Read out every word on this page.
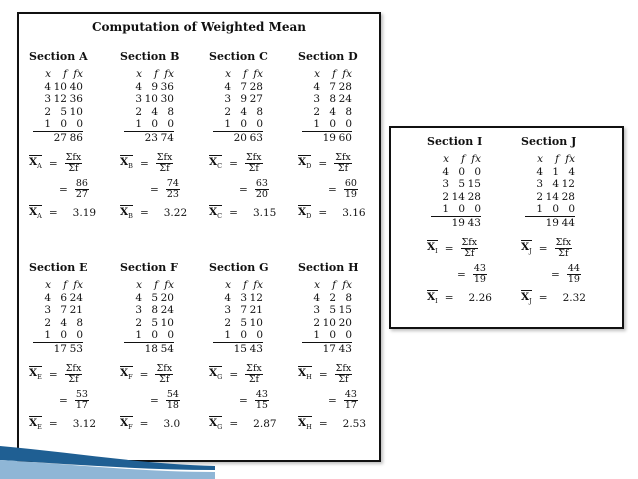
Computation of Weighted Mean
Section A
x	f fx
4 10 40
3 12 36
2 5 10
1 0 0
27 86
$X_A = \frac{\text{Σfx}}{\Sigma f}$
= $\frac{86}{27}$
$X_A = 3.19$
Section B
x	f fx
4 9 36
3 10 30
2 4 8
1 0 0
23 74
$X_B = \frac{\text{Σfx}}{\Sigma f}$
= $\frac{74}{23}$
$X_B = 3.22$
Section C
x	f fx
4 7 28
3 9 27
2 4 8
1 0 0
20 63
$X_C = \frac{\text{Σfx}}{\Sigma f}$
= $\frac{63}{20}$
$X_C = 3.15$
Section D
x	f fx
4 7 28
3 8 24
2 4 8
1 0 0
19 60
$X_D = \frac{\text{Σfx}}{\Sigma f}$
= $\frac{60}{19}$
$X_D = 3.16$
Section E
x	f fx
4 6 24
3 7 21
2 4 8
1 0 0
17 53
$X_E = \frac{\text{Σfx}}{\Sigma f}$
= $\frac{53}{17}$
$X_E = 3.12$
Section F
x	f fx
4 5 20
3 8 24
2 5 10
1 0 0
18 54
$X_F = \frac{\text{Σfx}}{\Sigma f}$
= $\frac{54}{18}$
$X_F = 3.0$
Section G
x	f fx
4 3 12
3 7 21
2 5 10
1 0 0
15 43
$X_G = \frac{\text{Σfx}}{\Sigma f}$
= $\frac{43}{15}$
$X_G = 2.87$
Section H
x	f fx
4 2 8
3 5 15
2 10 20
1 0 0
17 43
$X_H = \frac{\text{Σfx}}{\Sigma f}$
= $\frac{43}{17}$
$X_H = 2.53$
Section I
x	f fx
4 0 0
3 5 15
2 14 28
1 0 0
19 43
$X_I = \frac{\text{Σfx}}{\Sigma f}$
= $\frac{43}{19}$
$X_I = 2.26$
Section J
x	f fx
4 1 4
3 4 12
2 14 28
1 0 0
19 44
$X_J = \frac{\text{Σfx}}{\Sigma f}$
= $\frac{44}{19}$
$X_J = 2.32$
